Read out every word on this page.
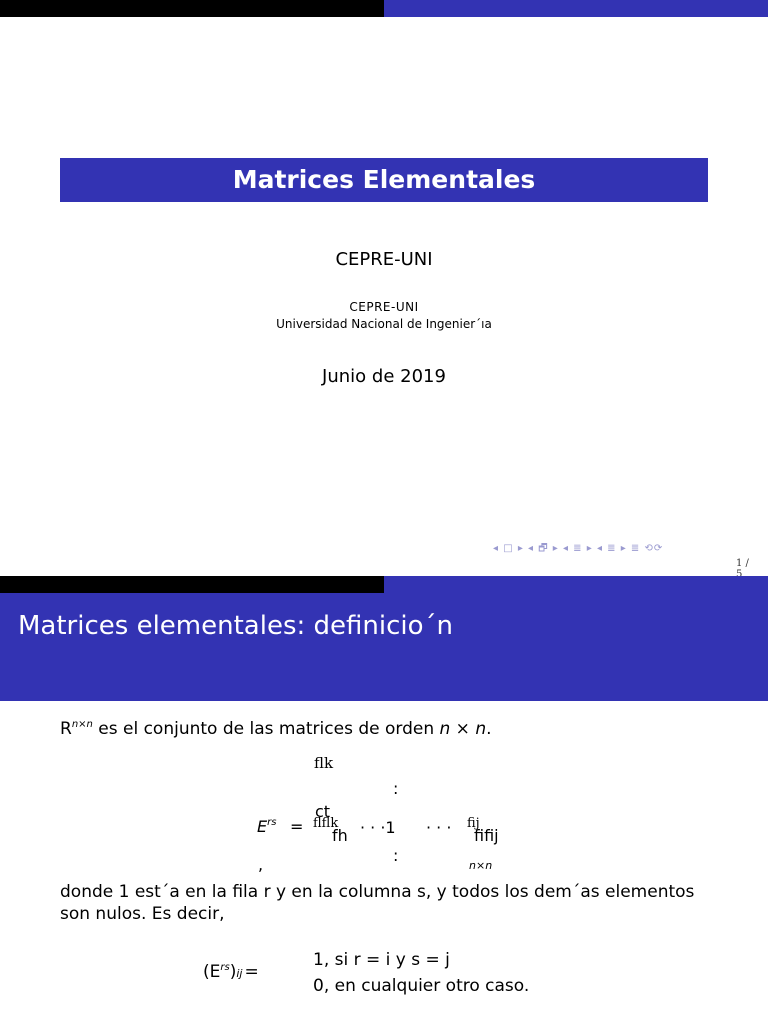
Matrices Elementales
CEPRE-UNI
CEPRE-UNI
Universidad Nacional de Ingenier´ıa
Junio de 2019
◂ □ ▸ ◂ 🗗 ▸ ◂ ≣ ▸ ◂ ≣ ▸ ≣ ⟲⟳
1 /
5
Matrices elementales: definicio´n
$R^{n\times n}$ es el conjunto de las matrices de orden n × n.
ﬂk
:
ct
$E^{rs}$ = ﬂﬂk
fh · · ·1 · · · ﬁj
ﬁﬁj
,	:
n×n
donde 1 est´a en la fila r y en la columna s, y todos los dem´as elementos son nulos. Es decir,
$(E^{rs})ij$ =
1, si r = i y s = j
0, en cualquier otro caso.
